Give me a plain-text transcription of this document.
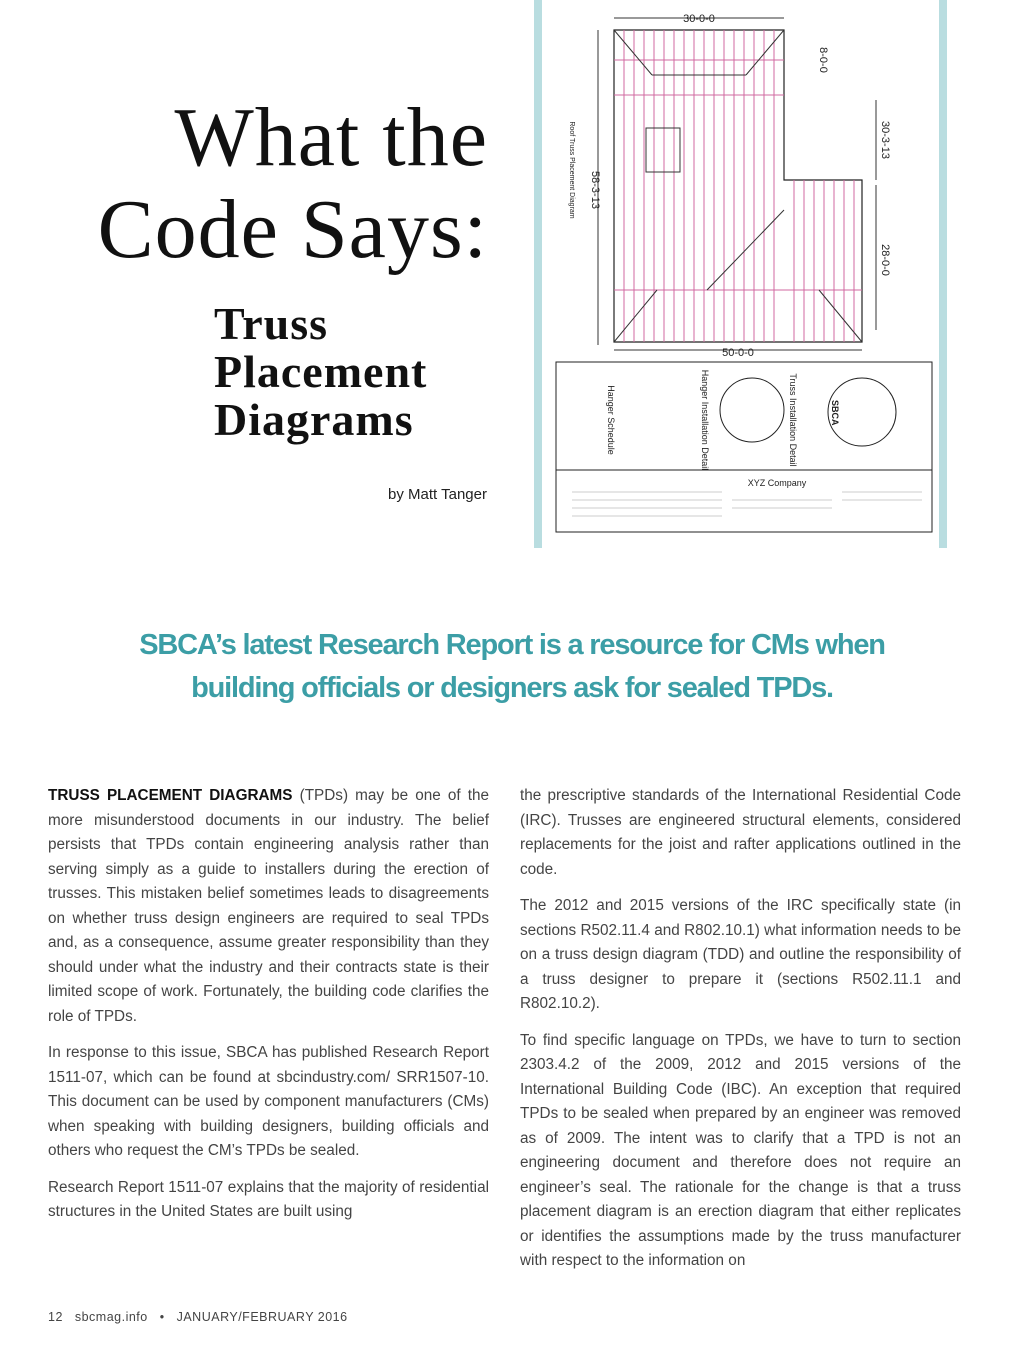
What the
Code Says:
Truss
Placement
Diagrams
by Matt Tanger
30-0-0
8-0-0
30-3-13
28-0-0
58-3-13
Roof Truss Placement Diagram
50-0-0
Truss Installation Detail
Hanger Installation Detail
Hanger Schedule	SBCA
XYZ Company
SBCA’s latest Research Report is a resource for CMs when
building officials or designers ask for sealed TPDs.

TRUSS PLACEMENT DIAGRAMS (TPDs) may be one of the more misunderstood documents in our industry. The belief persists that TPDs contain engineering analysis rather than serving simply as a guide to installers during the erection of trusses. This mistaken belief sometimes leads to disagreements on whether truss design engineers are required to seal TPDs and, as a consequence, assume greater responsibility than they should under what the industry and their contracts state is their limited scope of work. Fortunately, the building code clarifies the role of TPDs.

In response to this issue, SBCA has published Research Report 1511-07, which can be found at sbcindustry.com/ SRR1507-10. This document can be used by component manufacturers (CMs) when speaking with building designers, building officials and others who request the CM’s TPDs be sealed.

Research Report 1511-07 explains that the majority of residential structures in the United States are built using

the prescriptive standards of the International Residential Code (IRC). Trusses are engineered structural elements, considered replacements for the joist and rafter applications outlined in the code.

The 2012 and 2015 versions of the IRC specifically state (in sections R502.11.4 and R802.10.1) what information needs to be on a truss design diagram (TDD) and outline the responsibility of a truss designer to prepare it (sections R502.11.1 and R802.10.2).

To find specific language on TPDs, we have to turn to section 2303.4.2 of the 2009, 2012 and 2015 versions of the International Building Code (IBC). An exception that required TPDs to be sealed when prepared by an engineer was removed as of 2009. The intent was to clarify that a TPD is not an engineering document and therefore does not require an engineer’s seal. The rationale for the change is that a truss placement diagram is an erection diagram that either replicates or identifies the assumptions made by the truss manufacturer with respect to the information on

12 sbcmag.info • JANUARY/FEBRUARY 2016
